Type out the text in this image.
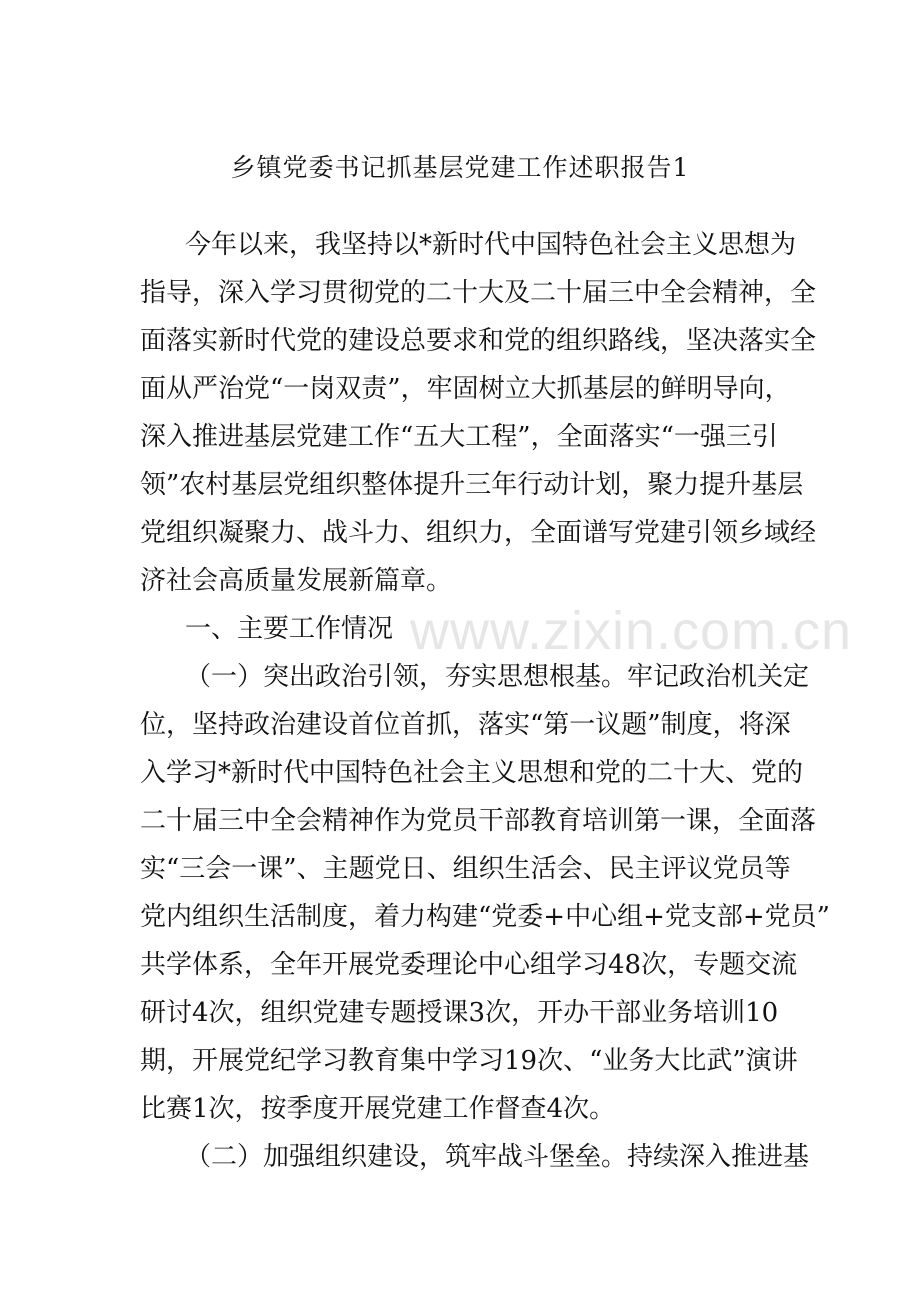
www.zixin.com.cn
乡镇党委书记抓基层党建工作述职报告1
今年以来，我坚持以*新时代中国特色社会主义思想为
指导，深入学习贯彻党的二十大及二十届三中全会精神，全
面落实新时代党的建设总要求和党的组织路线，坚决落实全
面从严治党“一岗双责”，牢固树立大抓基层的鲜明导向，
深入推进基层党建工作“五大工程”，全面落实“一强三引
领”农村基层党组织整体提升三年行动计划，聚力提升基层
党组织凝聚力、战斗力、组织力，全面谱写党建引领乡域经
济社会高质量发展新篇章。
一、主要工作情况
（一）突出政治引领，夯实思想根基。牢记政治机关定
位，坚持政治建设首位首抓，落实“第一议题”制度，将深
入学习*新时代中国特色社会主义思想和党的二十大、党的
二十届三中全会精神作为党员干部教育培训第一课，全面落
实“三会一课”、主题党日、组织生活会、民主评议党员等
党内组织生活制度，着力构建“党委+中心组+党支部+党员”
共学体系，全年开展党委理论中心组学习48次，专题交流
研讨4次，组织党建专题授课3次，开办干部业务培训10
期，开展党纪学习教育集中学习19次、“业务大比武”演讲
比赛1次，按季度开展党建工作督查4次。
（二）加强组织建设，筑牢战斗堡垒。持续深入推进基
